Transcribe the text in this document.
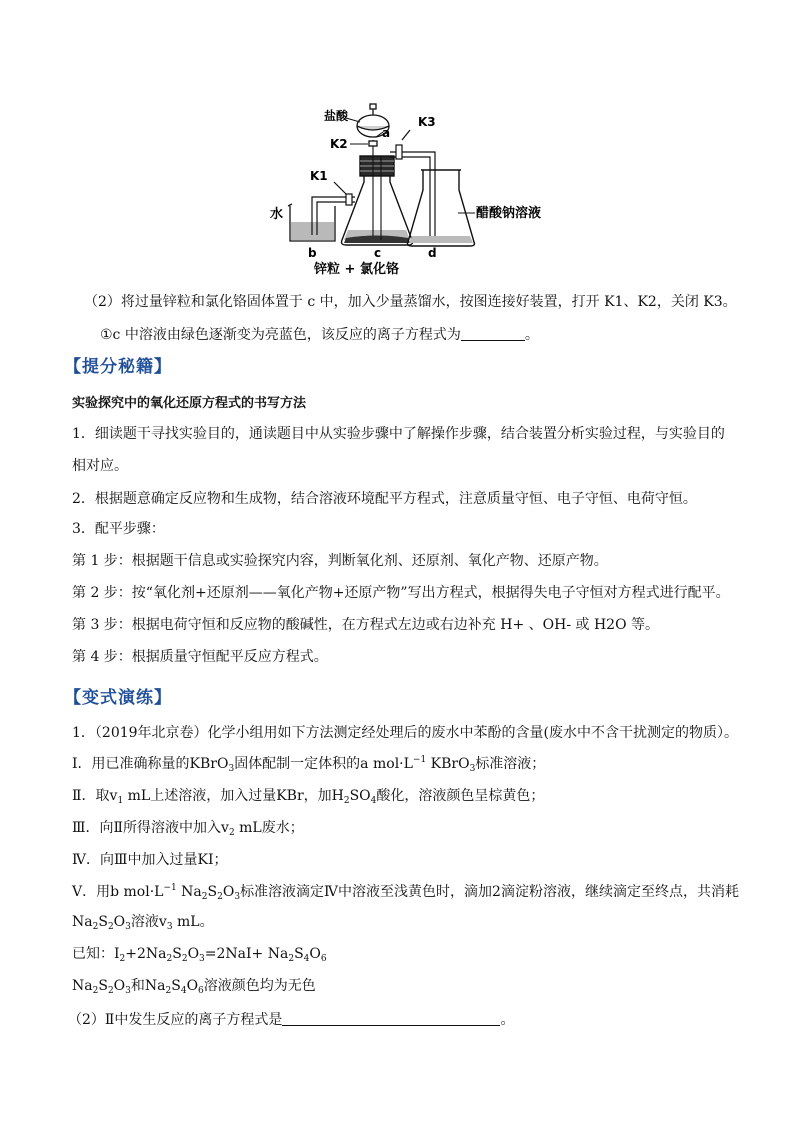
盐酸
a
K2
K3
K1
水
b	c	d
醋酸钠溶液
锌粒 + 氯化铬
（2）将过量锌粒和氯化铬固体置于 c 中，加入少量蒸馏水，按图连接好装置，打开 K1、K2，关闭 K3。
①c 中溶液由绿色逐渐变为亮蓝色，该反应的离子方程式为	。
【提分秘籍】
实验探究中的氧化还原方程式的书写方法
1．细读题干寻找实验目的，通读题目中从实验步骤中了解操作步骤，结合装置分析实验过程，与实验目的
相对应。
2．根据题意确定反应物和生成物，结合溶液环境配平方程式，注意质量守恒、电子守恒、电荷守恒。
3．配平步骤：
第 1 步：根据题干信息或实验探究内容，判断氧化剂、还原剂、氧化产物、还原产物。
第 2 步：按“氧化剂+还原剂——氧化产物+还原产物”写出方程式，根据得失电子守恒对方程式进行配平。
第 3 步：根据电荷守恒和反应物的酸碱性，在方程式左边或右边补充 H+ 、OH- 或 H2O 等。
第 4 步：根据质量守恒配平反应方程式。
【变式演练】
1．（2019年北京卷）化学小组用如下方法测定经处理后的废水中苯酚的含量(废水中不含干扰测定的物质）。
Ⅰ．用已准确称量的KBrO$_3$固体配制一定体积的a $mol\cdot L^{-1}$ KBrO$_3$标准溶液；
Ⅱ．取$v_1$ mL上述溶液，加入过量KBr，加$H_2SO_4$酸化，溶液颜色呈棕黄色；
Ⅲ．向Ⅱ所得溶液中加入$v_2$ mL废水；
Ⅳ．向Ⅲ中加入过量KI；
Ⅴ．用b $mol\cdot L^{-1}$ $Na_2S_2O_3$标准溶液滴定Ⅳ中溶液至浅黄色时，滴加2滴淀粉溶液，继续滴定至终点，共消耗
$Na_2S_2O_3$溶液$v_3$ mL。
已知：$I_2+2Na_2S_2O_3=2NaI+ Na_2S_4O_6$
$Na_2S_2O_3$和$Na_2S_4O_6$溶液颜色均为无色
（2）Ⅱ中发生反应的离子方程式是	。
